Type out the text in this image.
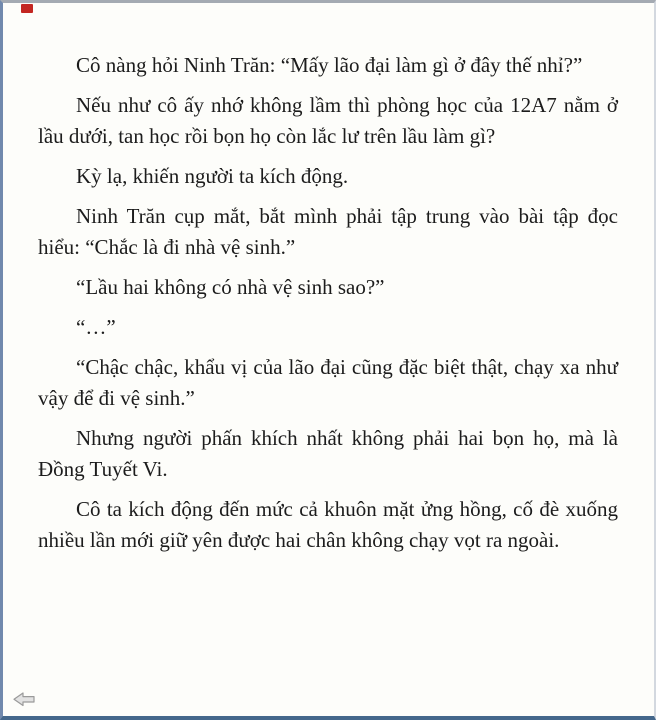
Cô nàng hỏi Ninh Trăn: “Mấy lão đại làm gì ở đây thế nhỉ?”

Nếu như cô ấy nhớ không lầm thì phòng học của 12A7 nằm ở lầu dưới, tan học rồi bọn họ còn lắc lư trên lầu làm gì?

Kỳ lạ, khiến người ta kích động.

Ninh Trăn cụp mắt, bắt mình phải tập trung vào bài tập đọc hiểu: “Chắc là đi nhà vệ sinh.”

“Lầu hai không có nhà vệ sinh sao?”

“…”

“Chậc chậc, khẩu vị của lão đại cũng đặc biệt thật, chạy xa như vậy để đi vệ sinh.”

Nhưng người phấn khích nhất không phải hai bọn họ, mà là Đồng Tuyết Vi.

Cô ta kích động đến mức cả khuôn mặt ửng hồng, cố đè xuống nhiều lần mới giữ yên được hai chân không chạy vọt ra ngoài.
